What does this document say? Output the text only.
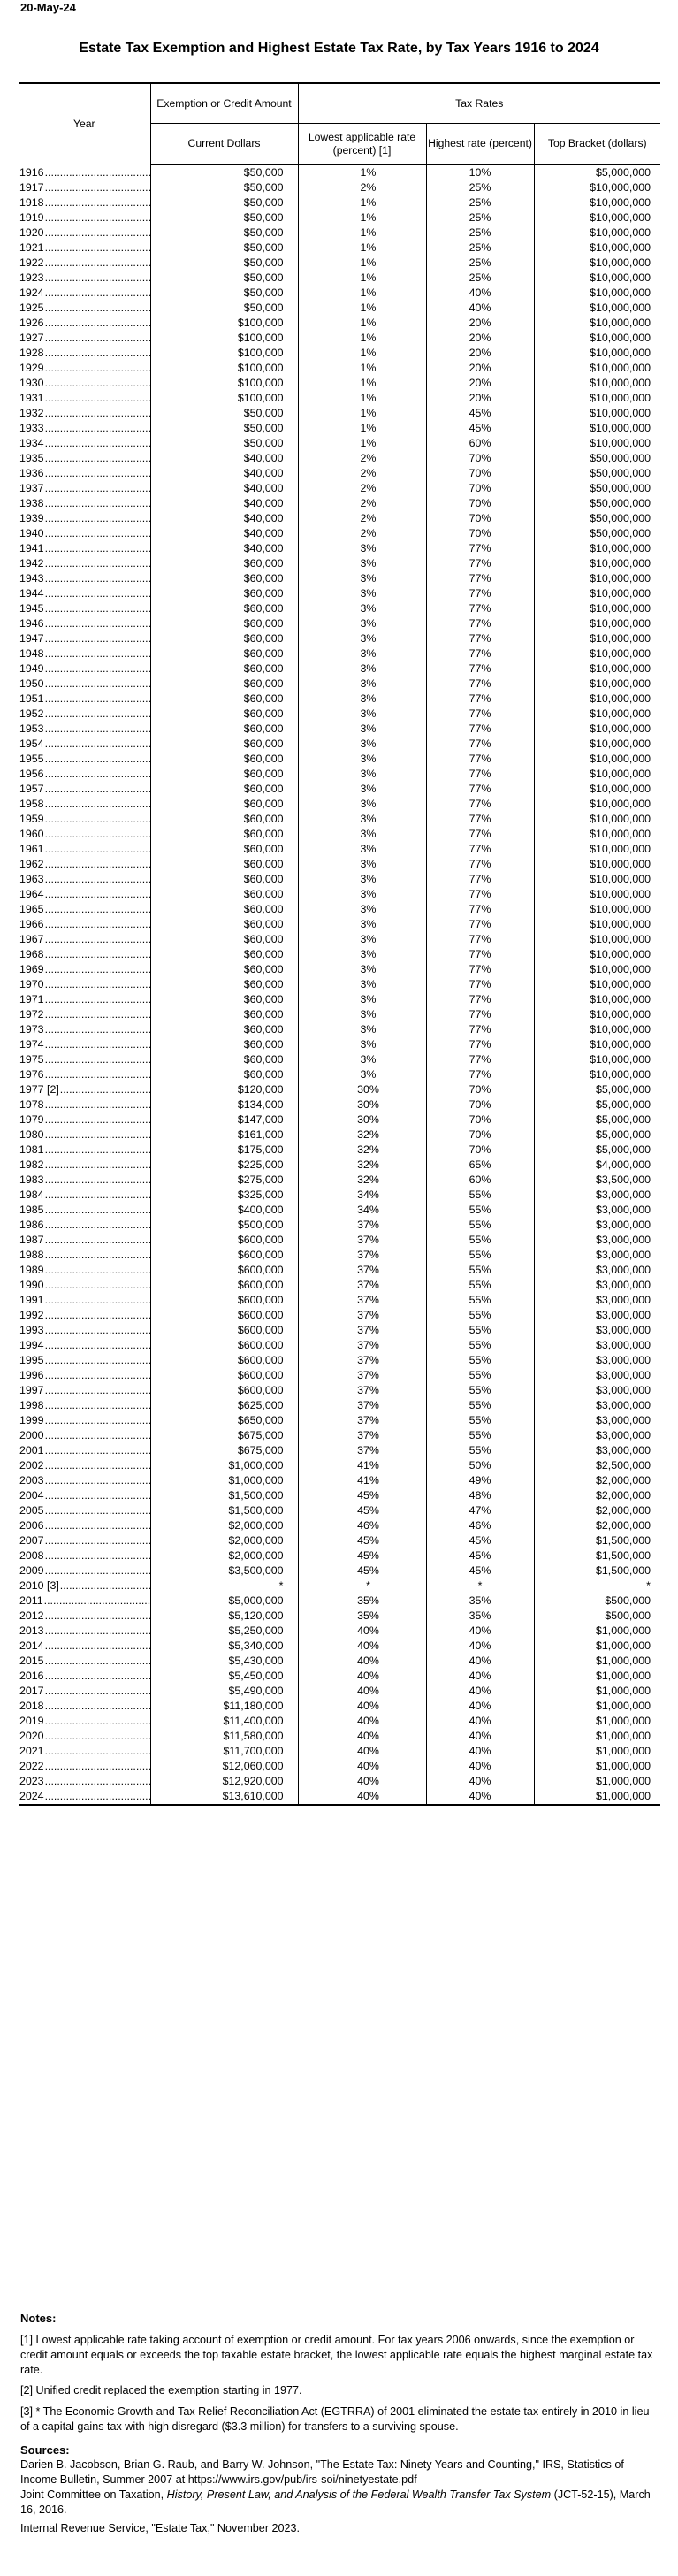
20-May-24
Estate Tax Exemption and Highest Estate Tax Rate, by Tax Years 1916 to 2024
Year	Exemption or Credit Amount	Tax Rates		
	Current Dollars	Lowest applicable rate (percent) [1]	Highest rate (percent)	Top Bracket (dollars)
1916 .....	$50,000	1%	10%	$5,000,000
1917 .....	$50,000	2%	25%	$10,000,000
1918 .....	$50,000	1%	25%	$10,000,000
1919 .....	$50,000	1%	25%	$10,000,000
1920 .....	$50,000	1%	25%	$10,000,000
1921 .....	$50,000	1%	25%	$10,000,000
1922 .....	$50,000	1%	25%	$10,000,000
1923 .....	$50,000	1%	25%	$10,000,000
1924 .....	$50,000	1%	40%	$10,000,000
1925 .....	$50,000	1%	40%	$10,000,000
1926 .....	$100,000	1%	20%	$10,000,000
1927 .....	$100,000	1%	20%	$10,000,000
1928 .....	$100,000	1%	20%	$10,000,000
1929 .....	$100,000	1%	20%	$10,000,000
1930 .....	$100,000	1%	20%	$10,000,000
1931 .....	$100,000	1%	20%	$10,000,000
1932 .....	$50,000	1%	45%	$10,000,000
1933 .....	$50,000	1%	45%	$10,000,000
1934 .....	$50,000	1%	60%	$10,000,000
1935 .....	$40,000	2%	70%	$50,000,000
1936 .....	$40,000	2%	70%	$50,000,000
1937 .....	$40,000	2%	70%	$50,000,000
1938 .....	$40,000	2%	70%	$50,000,000
1939 .....	$40,000	2%	70%	$50,000,000
1940 .....	$40,000	2%	70%	$50,000,000
1941 .....	$40,000	3%	77%	$10,000,000
1942 .....	$60,000	3%	77%	$10,000,000
1943 .....	$60,000	3%	77%	$10,000,000
1944 .....	$60,000	3%	77%	$10,000,000
1945 .....	$60,000	3%	77%	$10,000,000
1946 .....	$60,000	3%	77%	$10,000,000
1947 .....	$60,000	3%	77%	$10,000,000
1948 .....	$60,000	3%	77%	$10,000,000
1949 .....	$60,000	3%	77%	$10,000,000
1950 .....	$60,000	3%	77%	$10,000,000
1951 .....	$60,000	3%	77%	$10,000,000
1952 .....	$60,000	3%	77%	$10,000,000
1953 .....	$60,000	3%	77%	$10,000,000
1954 .....	$60,000	3%	77%	$10,000,000
1955 .....	$60,000	3%	77%	$10,000,000
1956 .....	$60,000	3%	77%	$10,000,000
1957 .....	$60,000	3%	77%	$10,000,000
1958 .....	$60,000	3%	77%	$10,000,000
1959 .....	$60,000	3%	77%	$10,000,000
1960 .....	$60,000	3%	77%	$10,000,000
1961 .....	$60,000	3%	77%	$10,000,000
1962 .....	$60,000	3%	77%	$10,000,000
1963 .....	$60,000	3%	77%	$10,000,000
1964 .....	$60,000	3%	77%	$10,000,000
1965 .....	$60,000	3%	77%	$10,000,000
1966 .....	$60,000	3%	77%	$10,000,000
1967 .....	$60,000	3%	77%	$10,000,000
1968 .....	$60,000	3%	77%	$10,000,000
1969 .....	$60,000	3%	77%	$10,000,000
1970 .....	$60,000	3%	77%	$10,000,000
1971 .....	$60,000	3%	77%	$10,000,000
1972 .....	$60,000	3%	77%	$10,000,000
1973 .....	$60,000	3%	77%	$10,000,000
1974 .....	$60,000	3%	77%	$10,000,000
1975 .....	$60,000	3%	77%	$10,000,000
1976 .....	$60,000	3%	77%	$10,000,000
1977 [2] .....	$120,000	30%	70%	$5,000,000
1978 .....	$134,000	30%	70%	$5,000,000
1979 .....	$147,000	30%	70%	$5,000,000
1980 .....	$161,000	32%	70%	$5,000,000
1981 .....	$175,000	32%	70%	$5,000,000
1982 .....	$225,000	32%	65%	$4,000,000
1983 .....	$275,000	32%	60%	$3,500,000
1984 .....	$325,000	34%	55%	$3,000,000
1985 .....	$400,000	34%	55%	$3,000,000
1986 .....	$500,000	37%	55%	$3,000,000
1987 .....	$600,000	37%	55%	$3,000,000
1988 .....	$600,000	37%	55%	$3,000,000
1989 .....	$600,000	37%	55%	$3,000,000
1990 .....	$600,000	37%	55%	$3,000,000
1991 .....	$600,000	37%	55%	$3,000,000
1992 .....	$600,000	37%	55%	$3,000,000
1993 .....	$600,000	37%	55%	$3,000,000
1994 .....	$600,000	37%	55%	$3,000,000
1995 .....	$600,000	37%	55%	$3,000,000
1996 .....	$600,000	37%	55%	$3,000,000
1997 .....	$600,000	37%	55%	$3,000,000
1998 .....	$625,000	37%	55%	$3,000,000
1999 .....	$650,000	37%	55%	$3,000,000
2000 .....	$675,000	37%	55%	$3,000,000
2001 .....	$675,000	37%	55%	$3,000,000
2002 .....	$1,000,000	41%	50%	$2,500,000
2003 .....	$1,000,000	41%	49%	$2,000,000
2004 .....	$1,500,000	45%	48%	$2,000,000
2005 .....	$1,500,000	45%	47%	$2,000,000
2006 .....	$2,000,000	46%	46%	$2,000,000
2007 .....	$2,000,000	45%	45%	$1,500,000
2008 .....	$2,000,000	45%	45%	$1,500,000
2009 .....	$3,500,000	45%	45%	$1,500,000
2010 [3] .....	*	*	*	*
2011 .....	$5,000,000	35%	35%	$500,000
2012 .....	$5,120,000	35%	35%	$500,000
2013 .....	$5,250,000	40%	40%	$1,000,000
2014 .....	$5,340,000	40%	40%	$1,000,000
2015 .....	$5,430,000	40%	40%	$1,000,000
2016 .....	$5,450,000	40%	40%	$1,000,000
2017 .....	$5,490,000	40%	40%	$1,000,000
2018 .....	$11,180,000	40%	40%	$1,000,000
2019 .....	$11,400,000	40%	40%	$1,000,000
2020 .....	$11,580,000	40%	40%	$1,000,000
2021 .....	$11,700,000	40%	40%	$1,000,000
2022 .....	$12,060,000	40%	40%	$1,000,000
2023 .....	$12,920,000	40%	40%	$1,000,000
2024 .....	$13,610,000	40%	40%	$1,000,000
Notes:

[1] Lowest applicable rate taking account of exemption or credit amount. For tax years 2006 onwards, since the exemption or credit amount equals or exceeds the top taxable estate bracket, the lowest applicable rate equals the highest marginal estate tax rate.

[2] Unified credit replaced the exemption starting in 1977.

[3] * The Economic Growth and Tax Relief Reconciliation Act (EGTRRA) of 2001 eliminated the estate tax entirely in 2010 in lieu of a capital gains tax with high disregard ($3.3 million) for transfers to a surviving spouse.

Sources:

Darien B. Jacobson, Brian G. Raub, and Barry W. Johnson, "The Estate Tax: Ninety Years and Counting," IRS, Statistics of Income Bulletin, Summer 2007 at https://www.irs.gov/pub/irs-soi/ninetyestate.pdf

Joint Committee on Taxation, History, Present Law, and Analysis of the Federal Wealth Transfer Tax System (JCT-52-15), March 16, 2016.

Internal Revenue Service, "Estate Tax," November 2023.
